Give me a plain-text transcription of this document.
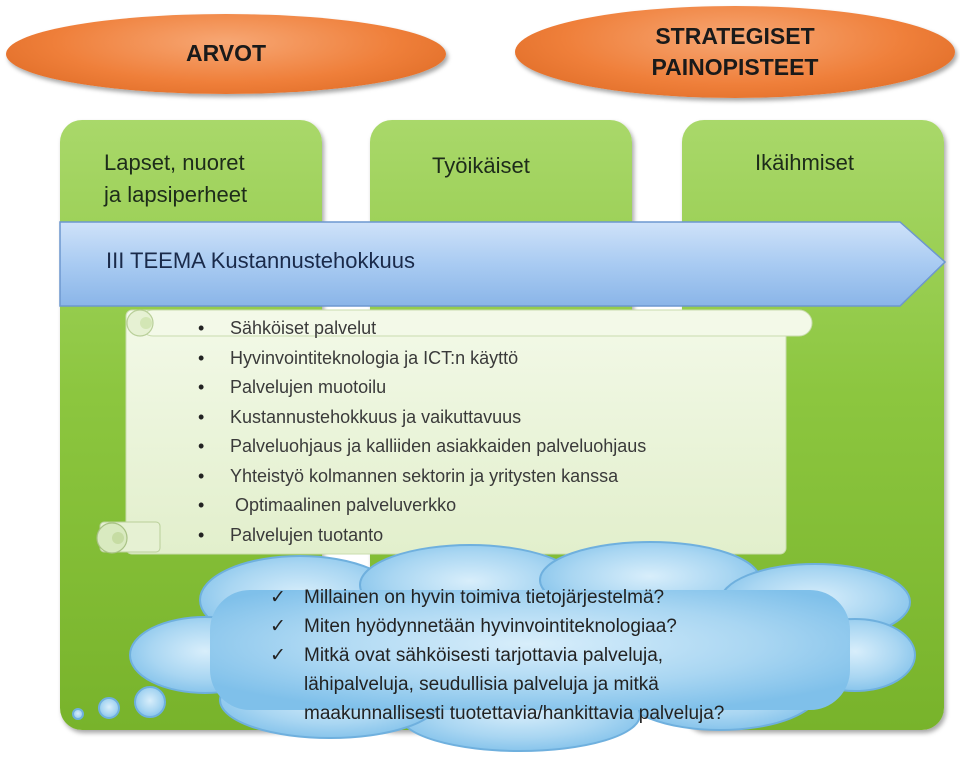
ARVOT
STRATEGISET
PAINOPISTEET
Lapset, nuoret
ja lapsiperheet
Työikäiset	Ikäihmiset
III TEEMA Kustannustehokkuus
• Sähköiset palvelut
• Hyvinvointiteknologia ja ICT:n käyttö
• Palvelujen muotoilu
• Kustannustehokkuus ja vaikuttavuus
• Palveluohjaus ja kalliiden asiakkaiden palveluohjaus
• Yhteistyö kolmannen sektorin ja yritysten kanssa
•  Optimaalinen palveluverkko
• Palvelujen tuotanto
✓ Millainen on hyvin toimiva tietojärjestelmä?
✓ Miten hyödynnetään hyvinvointiteknologiaa?
✓ Mitkä ovat sähköisesti tarjottavia palveluja,
lähipalveluja, seudullisia palveluja ja mitkä
maakunnallisesti tuotettavia/hankittavia palveluja?
